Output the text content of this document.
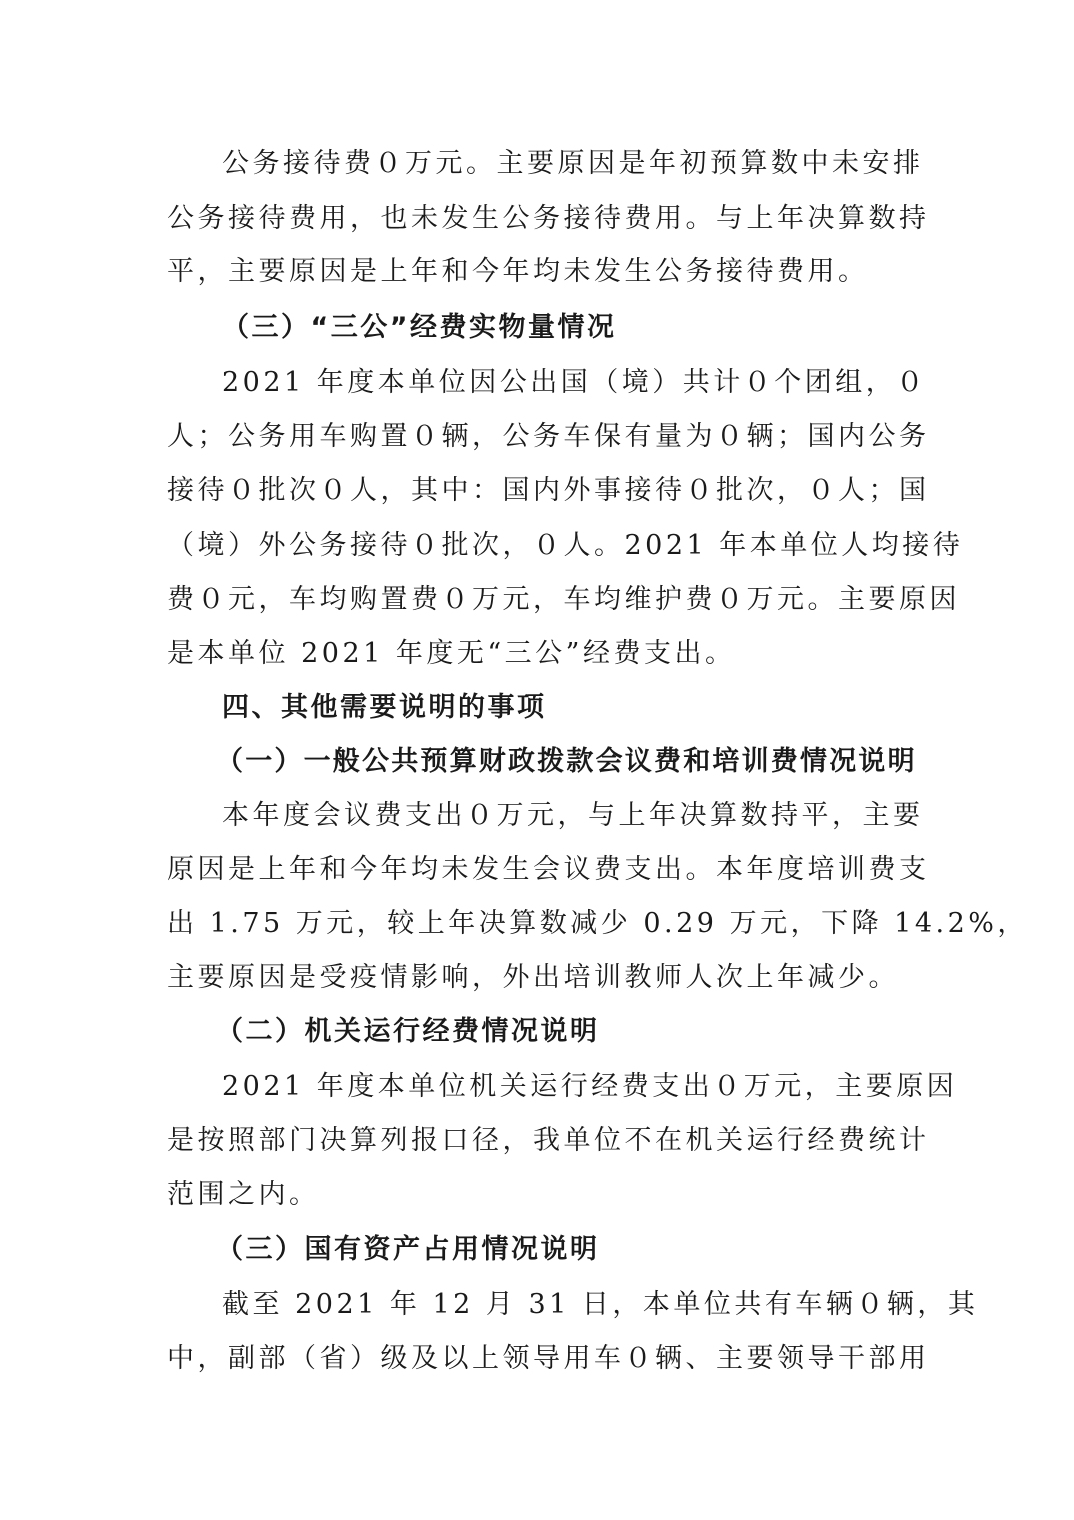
公务接待费０万元。主要原因是年初预算数中未安排
公务接待费用，也未发生公务接待费用。与上年决算数持
平，主要原因是上年和今年均未发生公务接待费用。
（三）“三公”经费实物量情况
2021 年度本单位因公出国（境）共计０个团组，０
人；公务用车购置０辆，公务车保有量为０辆；国内公务
接待０批次０人，其中：国内外事接待０批次，０人；国
（境）外公务接待０批次，０人。2021 年本单位人均接待
费０元，车均购置费０万元，车均维护费０万元。主要原因
是本单位 2021 年度无“三公”经费支出。
四、其他需要说明的事项
（一）一般公共预算财政拨款会议费和培训费情况说明
本年度会议费支出０万元，与上年决算数持平，主要
原因是上年和今年均未发生会议费支出。本年度培训费支
出 1.75 万元，较上年决算数减少 0.29 万元，下降 14.2%，
主要原因是受疫情影响，外出培训教师人次上年减少。
（二）机关运行经费情况说明
2021 年度本单位机关运行经费支出０万元，主要原因
是按照部门决算列报口径，我单位不在机关运行经费统计
范围之内。
（三）国有资产占用情况说明
截至 2021 年 12 月 31 日，本单位共有车辆０辆，其
中，副部（省）级及以上领导用车０辆、主要领导干部用
